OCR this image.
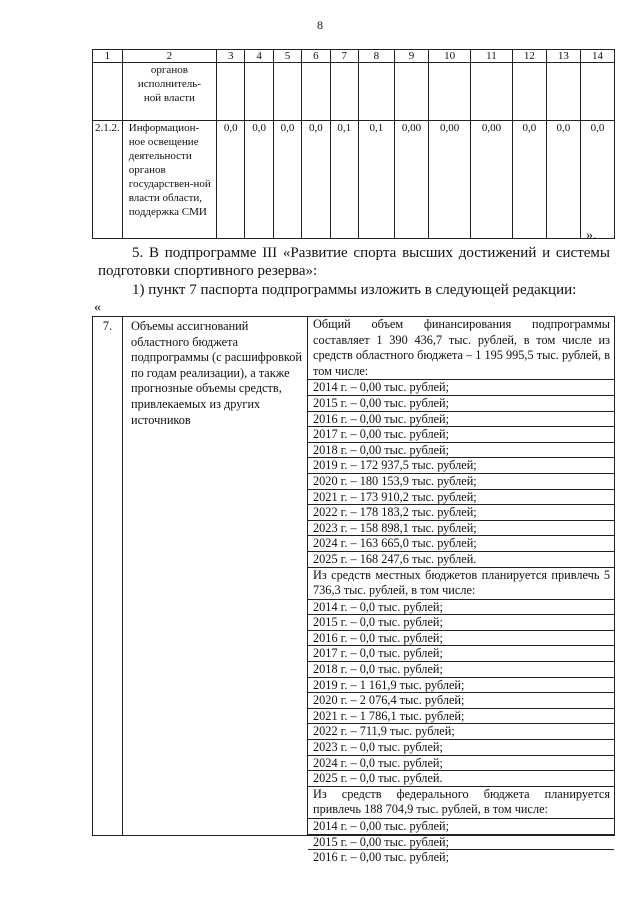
8
1	2	3	4	5	6	7	8	9	10	11	12	13	14
	органов исполнитель-ной власти												
2.1.2.	Информацион-ное освещение деятельности органов государствен-ной власти области, поддержка СМИ	0,0	0,0	0,0	0,0	0,1	0,1	0,00	0,00	0,00	0,0	0,0	0,0
».
5. В подпрограмме III «Развитие спорта высших достижений и системы подготовки спортивного резерва»:
1) пункт 7 паспорта подпрограммы изложить в следующей редакции:
«
7.	Объемы ассигнований областного бюджета подпрограммы (с расшифровкой по годам реализации), а также прогнозные объемы средств, привлекаемых из других источников
Общий объем финансирования подпрограммы составляет 1 390 436,7 тыс. рублей, в том числе из средств областного бюджета – 1 195 995,5 тыс. рублей, в том числе:
2014 г. – 0,00 тыс. рублей;
2015 г. – 0,00 тыс. рублей;
2016 г. – 0,00 тыс. рублей;
2017 г. – 0,00 тыс. рублей;
2018 г. – 0,00 тыс. рублей;
2019 г. – 172 937,5 тыс. рублей;
2020 г. – 180 153,9 тыс. рублей;
2021 г. – 173 910,2 тыс. рублей;
2022 г. – 178 183,2 тыс. рублей;
2023 г. – 158 898,1 тыс. рублей;
2024 г. – 163 665,0 тыс. рублей;
2025 г. – 168 247,6 тыс. рублей.
Из средств местных бюджетов планируется привлечь 5 736,3 тыс. рублей, в том числе:
2014 г. – 0,0 тыс. рублей;
2015 г. – 0,0 тыс. рублей;
2016 г. – 0,0 тыс. рублей;
2017 г. – 0,0 тыс. рублей;
2018 г. – 0,0 тыс. рублей;
2019 г. – 1 161,9 тыс. рублей;
2020 г. – 2 076,4 тыс. рублей;
2021 г. – 1 786,1 тыс. рублей;
2022 г. – 711,9 тыс. рублей;
2023 г. – 0,0 тыс. рублей;
2024 г. – 0,0 тыс. рублей;
2025 г. – 0,0 тыс. рублей.
Из средств федерального бюджета планируется привлечь 188 704,9 тыс. рублей, в том числе:
2014 г. – 0,00 тыс. рублей;
2015 г. – 0,00 тыс. рублей;
2016 г. – 0,00 тыс. рублей;
